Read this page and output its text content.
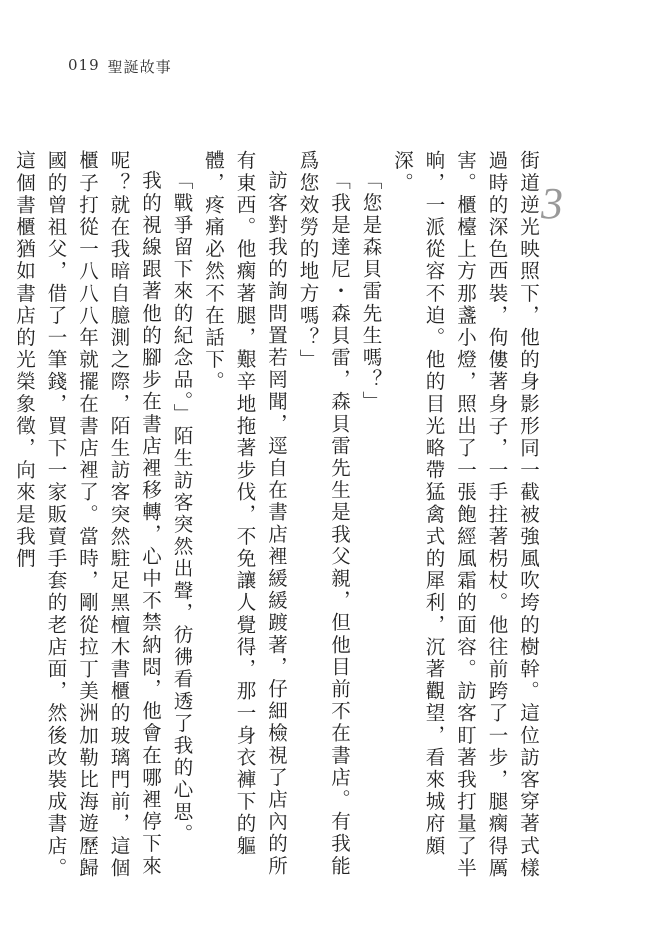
019 聖誕故事
3

街道逆光映照下，他的身影形同一截被強風吹垮的樹幹。這位訪客穿著式樣過時的深色西裝，佝僂著身子，一手拄著枴杖。他往前跨了一步，腿瘸得厲害。櫃檯上方那盞小燈，照出了一張飽經風霜的面容。訪客盯著我打量了半晌，一派從容不迫。他的目光略帶猛禽式的犀利，沉著觀望，看來城府頗深。

「您是森貝雷先生嗎？」

「我是達尼・森貝雷，森貝雷先生是我父親，但他目前不在書店。有我能爲您效勞的地方嗎？」

訪客對我的詢問置若罔聞，逕自在書店裡緩緩踱著，仔細檢視了店內的所有東西。他瘸著腿，艱辛地拖著步伐，不免讓人覺得，那一身衣褲下的軀體，疼痛必然不在話下。

「戰爭留下來的紀念品。」陌生訪客突然出聲，彷彿看透了我的心思。

我的視線跟著他的腳步在書店裡移轉，心中不禁納悶，他會在哪裡停下來呢？就在我暗自臆測之際，陌生訪客突然駐足黑檀木書櫃的玻璃門前，這個櫃子打從一八八八年就擺在書店裡了。當時，剛從拉丁美洲加勒比海遊歷歸國的曾祖父，借了一筆錢，買下一家販賣手套的老店面，然後改裝成書店。這個書櫃猶如書店的光榮象徵，向來是我們
